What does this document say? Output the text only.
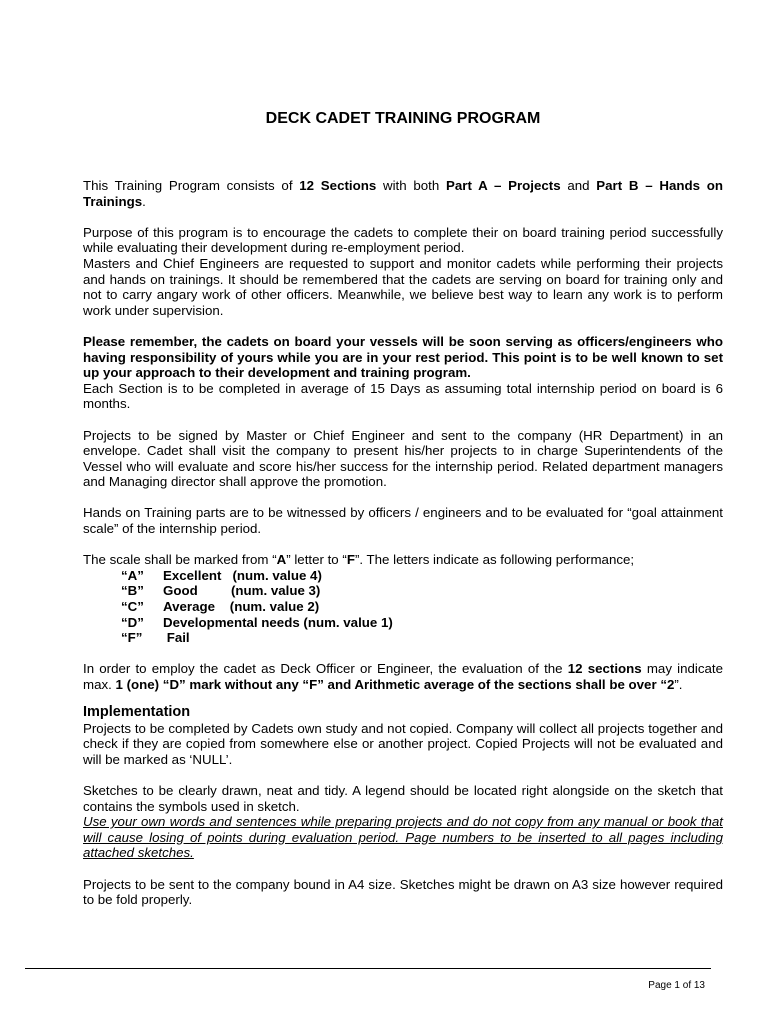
DECK CADET TRAINING PROGRAM

This Training Program consists of 12 Sections with both Part A – Projects and Part B – Hands on Trainings.

Purpose of this program is to encourage the cadets to complete their on board training period successfully while evaluating their development during re-employment period.

Masters and Chief Engineers are requested to support and monitor cadets while performing their projects and hands on trainings. It should be remembered that the cadets are serving on board for training only and not to carry angary work of other officers. Meanwhile, we believe best way to learn any work is to perform work under supervision.

Please remember, the cadets on board your vessels will be soon serving as officers/engineers who having responsibility of yours while you are in your rest period. This point is to be well known to set up your approach to their development and training program.

Each Section is to be completed in average of 15 Days as assuming total internship period on board is 6 months.

Projects to be signed by Master or Chief Engineer and sent to the company (HR Department) in an envelope. Cadet shall visit the company to present his/her projects to in charge Superintendents of the Vessel who will evaluate and score his/her success for the internship period. Related department managers and Managing director shall approve the promotion.

Hands on Training parts are to be witnessed by officers / engineers and to be evaluated for “goal attainment scale” of the internship period.

The scale shall be marked from “A” letter to “F”. The letters indicate as following performance;

“A”	Excellent   (num. value 4)
“B”	Good         (num. value 3)
“C”	Average    (num. value 2)
“D”	Developmental needs (num. value 1)
“F”	Fail

In order to employ the cadet as Deck Officer or Engineer, the evaluation of the 12 sections may indicate max. 1 (one) “D” mark without any “F” and Arithmetic average of the sections shall be over “2”.

Implementation

Projects to be completed by Cadets own study and not copied. Company will collect all projects together and check if they are copied from somewhere else or another project. Copied Projects will not be evaluated and will be marked as ‘NULL’.

Sketches to be clearly drawn, neat and tidy. A legend should be located right alongside on the sketch that contains the symbols used in sketch.

Use your own words and sentences while preparing projects and do not copy from any manual or book that will cause losing of points during evaluation period. Page numbers to be inserted to all pages including attached sketches.

Projects to be sent to the company bound in A4 size. Sketches might be drawn on A3 size however required to be fold properly.

Page 1 of 13
